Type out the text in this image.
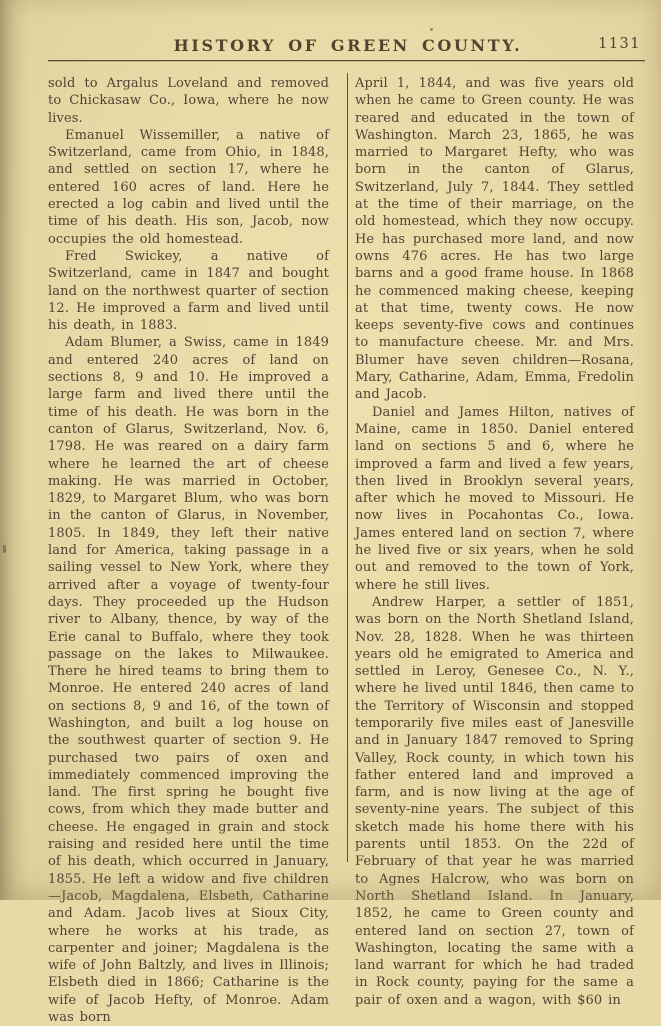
HISTORY OF GREEN COUNTY.	1131

sold to Argalus Loveland and removed to Chickasaw Co., Iowa, where he now lives.

Emanuel Wissemiller, a native of Switzerland, came from Ohio, in 1848, and settled on section 17, where he entered 160 acres of land. Here he erected a log cabin and lived until the time of his death. His son, Jacob, now occupies the old homestead.

Fred Swickey, a native of Switzerland, came in 1847 and bought land on the northwest quarter of section 12. He improved a farm and lived until his death, in 1883.

Adam Blumer, a Swiss, came in 1849 and entered 240 acres of land on sections 8, 9 and 10. He improved a large farm and lived there until the time of his death. He was born in the canton of Glarus, Switzerland, Nov. 6, 1798. He was reared on a dairy farm where he learned the art of cheese making. He was married in October, 1829, to Margaret Blum, who was born in the canton of Glarus, in November, 1805. In 1849, they left their native land for America, taking passage in a sailing vessel to New York, where they arrived after a voyage of twenty-four days. They proceeded up the Hudson river to Albany, thence, by way of the Erie canal to Buffalo, where they took passage on the lakes to Milwaukee. There he hired teams to bring them to Monroe. He entered 240 acres of land on sections 8, 9 and 16, of the town of Washington, and built a log house on the southwest quarter of section 9. He purchased two pairs of oxen and immediately commenced improving the land. The first spring he bought five cows, from which they made butter and cheese. He engaged in grain and stock raising and resided here until the time of his death, which occurred in January, 1855. He left a widow and five children—Jacob, Magdalena, Elsbeth, Catharine and Adam. Jacob lives at Sioux City, where he works at his trade, as carpenter and joiner; Magdalena is the wife of John Baltzly, and lives in Illinois; Elsbeth died in 1866; Catharine is the wife of Jacob Hefty, of Monroe. Adam was born

April 1, 1844, and was five years old when he came to Green county. He was reared and educated in the town of Washington. March 23, 1865, he was married to Margaret Hefty, who was born in the canton of Glarus, Switzerland, July 7, 1844. They settled at the time of their marriage, on the old homestead, which they now occupy. He has purchased more land, and now owns 476 acres. He has two large barns and a good frame house. In 1868 he commenced making cheese, keeping at that time, twenty cows. He now keeps seventy-five cows and continues to manufacture cheese. Mr. and Mrs. Blumer have seven children—Rosana, Mary, Catharine, Adam, Emma, Fredolin and Jacob.

Daniel and James Hilton, natives of Maine, came in 1850. Daniel entered land on sections 5 and 6, where he improved a farm and lived a few years, then lived in Brooklyn several years, after which he moved to Missouri. He now lives in Pocahontas Co., Iowa. James entered land on section 7, where he lived five or six years, when he sold out and removed to the town of York, where he still lives.

Andrew Harper, a settler of 1851, was born on the North Shetland Island, Nov. 28, 1828. When he was thirteen years old he emigrated to America and settled in Leroy, Genesee Co., N. Y., where he lived until 1846, then came to the Territory of Wisconsin and stopped temporarily five miles east of Janesville and in January 1847 removed to Spring Valley, Rock county, in which town his father entered land and improved a farm, and is now living at the age of seventy-nine years. The subject of this sketch made his home there with his parents until 1853. On the 22d of February of that year he was married to Agnes Halcrow, who was born on North Shetland Island. In January, 1852, he came to Green county and entered land on section 27, town of Washington, locating the same with a land warrant for which he had traded in Rock county, paying for the same a pair of oxen and a wagon, with $60 in
